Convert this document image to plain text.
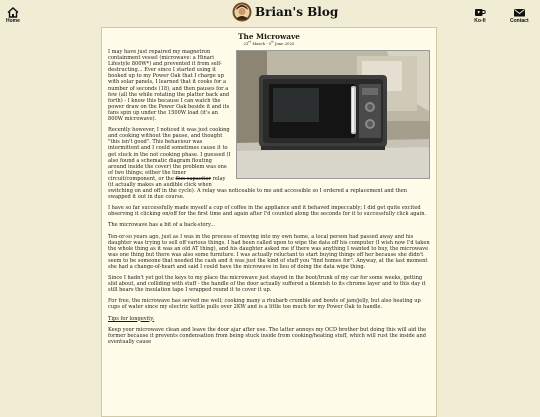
Home
Brian's Blog
Ko-fi	Contact
The Microwave
23rd March - 5th June 2025

I may have just repaired my magnetron containment vessel (microwave: a Hinari Lifestyle 800W*) and prevented it from self-destructing... Ever since I started using it hooked up to my Power Oak that I charge up with solar panels, I learned that it cooks for a number of seconds (18), and then pauses for a few (all the while rotating the platter back and forth) - I know this because I can watch the power draw on the Power Oak beside it and its fans spin up under the 1500W load (it's an 800W microwave).

Recently however, I noticed it was just cooking and cooking without the pause, and thought "this isn't good". This behaviour was intermittent and I could sometimes cause it to get stuck in the not cooking phase. I guessed (I also found a schematic diagram flouting around inside the cover) the problem was one of two things; either the timer circuit/component, or the flux capacitor relay (it actually makes an audible click when switching on and off in the cycle). A relay was noticeable to me and accessible so I ordered a replacement and then swapped it out in due course.

I have so far successfully made myself a cup of coffee in the appliance and it behaved impeccably; I did get quite excited observing it clicking on/off for the first time and again after I'd counted along the seconds for it to successfully click again.

The microwave has a bit of a back-story...

Ten-or-so years ago, just as I was in the process of moving into my own home, a local person had passed away and his daughter was trying to sell off various things. I had been called upon to wipe the data off his computer (I wish now I'd taken the whole thing as it was an old AT thing), and his daughter asked me if there was anything I wanted to buy, the microwave was one thing but there was also some furniture. I was actually reluctant to start buying things off her because she didn't seem to be someone that needed the cash and it was just the kind of stuff you "find homes for". Anyway, at the last moment she had a change-of-heart and said I could have the microwave in lieu of doing the data wipe thing.

Since I hadn't yet got the keys to my place the microwave just stayed in the boot/trunk of my car for some weeks, getting slid about, and colliding with stuff - the handle of the door actually suffered a blemish to its chrome layer and to this day it still bears the insulation tape I wrapped round it to cover it up.

For free, the microwave has served me well; cooking many a rhubarb crumble and bowls of jam/jelly, but also heating up cups of water since my electric kettle pulls over 2KW and is a little too much for my Power Oak to handle.

Tips for longevity.

Keep your microwave clean and leave the door ajar after use. The latter annoys my OCD brother but doing this will aid the former because it prevents condensation from being stuck inside from cooking/heating stuff, which will rust the inside and eventually cause
